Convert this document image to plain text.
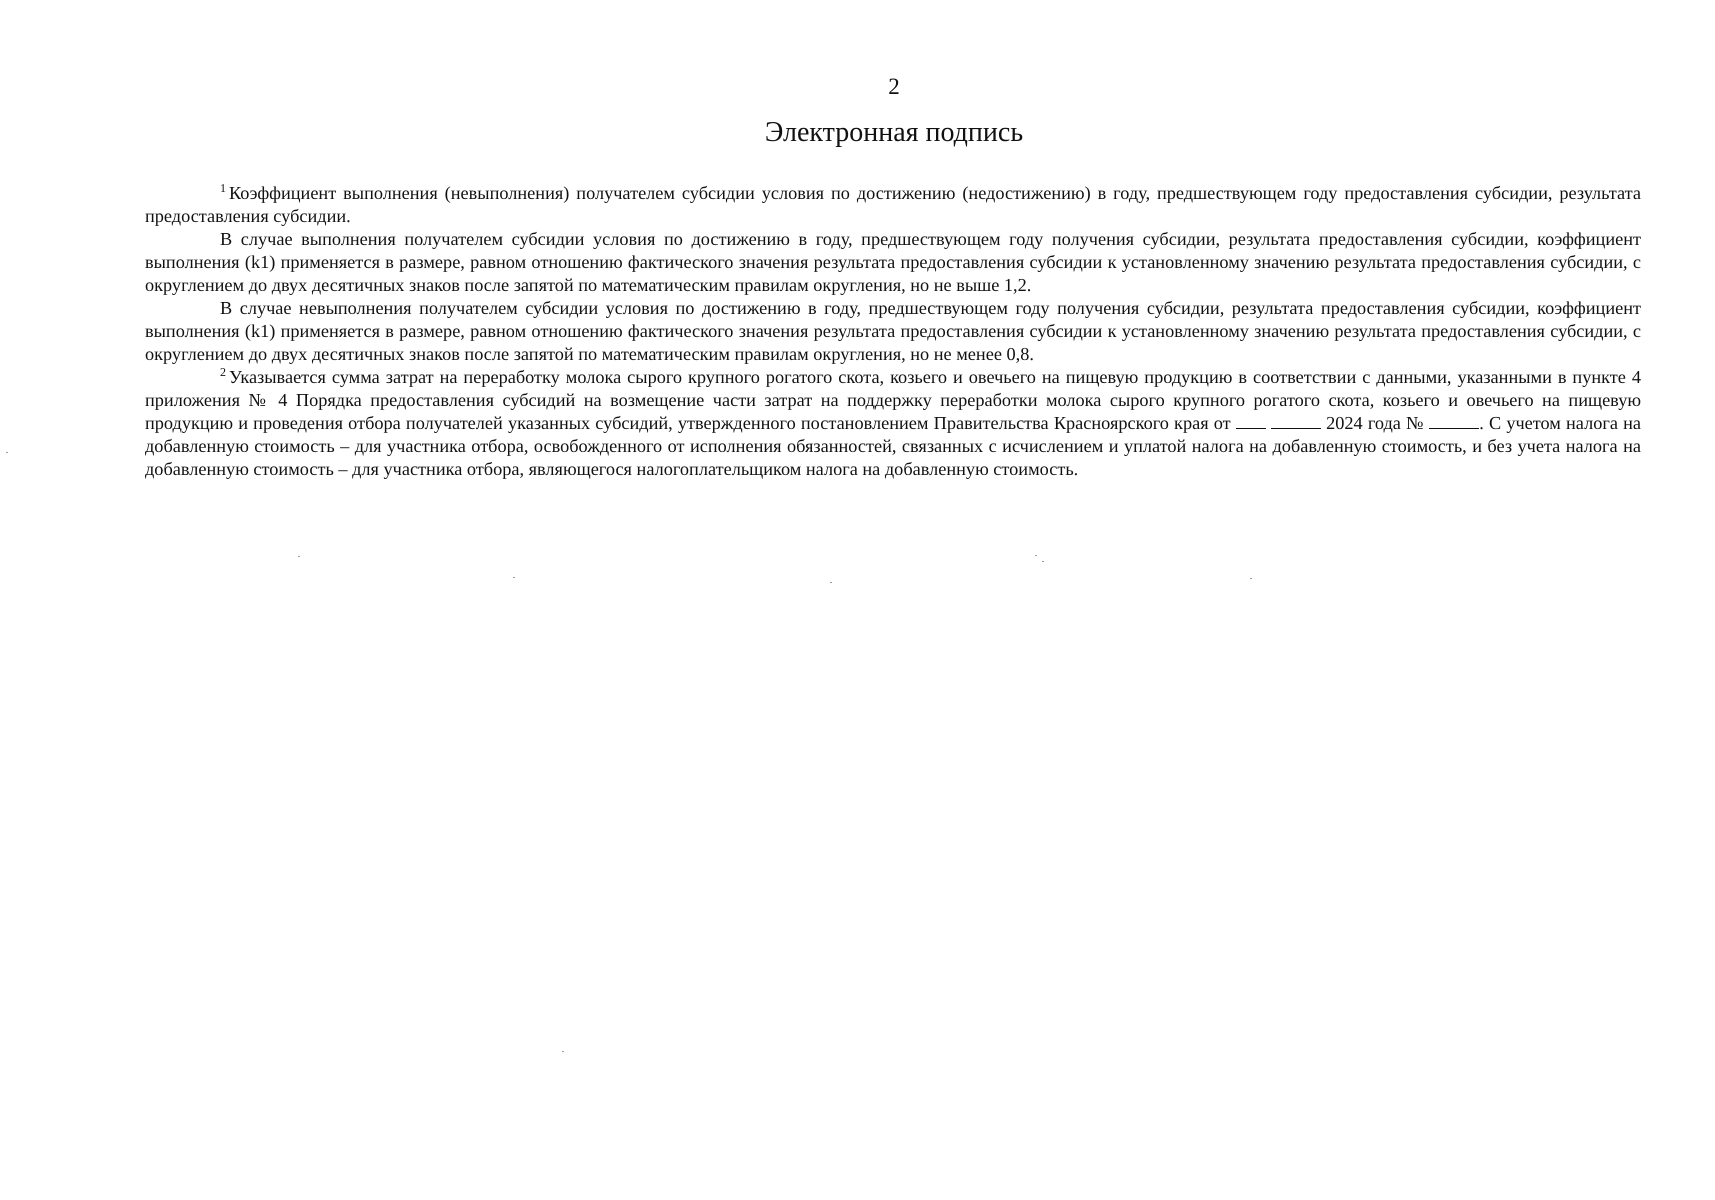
2
Электронная подпись

$^1$ Коэффициент выполнения (невыполнения) получателем субсидии условия по достижению (недостижению) в году, предшествующем году предоставления субсидии, результата предоставления субсидии.

В случае выполнения получателем субсидии условия по достижению в году, предшествующем году получения субсидии, результата предоставления субсидии, коэффициент выполнения (k1) применяется в размере, равном отношению фактического значения результата предоставления субсидии к установленному значению результата предоставления субсидии, с округлением до двух десятичных знаков после запятой по математическим правилам округления, но не выше 1,2.

В случае невыполнения получателем субсидии условия по достижению в году, предшествующем году получения субсидии, результата предоставления субсидии, коэффициент выполнения (k1) применяется в размере, равном отношению фактического значения результата предоставления субсидии к установленному значению результата предоставления субсидии, с округлением до двух десятичных знаков после запятой по математическим правилам округления, но не менее 0,8.

$^2$ Указывается сумма затрат на переработку молока сырого крупного рогатого скота, козьего и овечьего на пищевую продукцию в соответствии с данными, указанными в пункте 4 приложения № 4 Порядка предоставления субсидий на возмещение части затрат на поддержку переработки молока сырого крупного рогатого скота, козьего и овечьего на пищевую продукцию и проведения отбора получателей указанных субсидий, утвержденного постановлением Правительства Красноярского края от	2024 года №	. С учетом налога на добавленную стоимость – для участника отбора, освобожденного от исполнения обязанностей, связанных с исчислением и уплатой налога на добавленную стоимость, и без учета налога на добавленную стоимость – для участника отбора, являющегося налогоплательщиком налога на добавленную стоимость.
